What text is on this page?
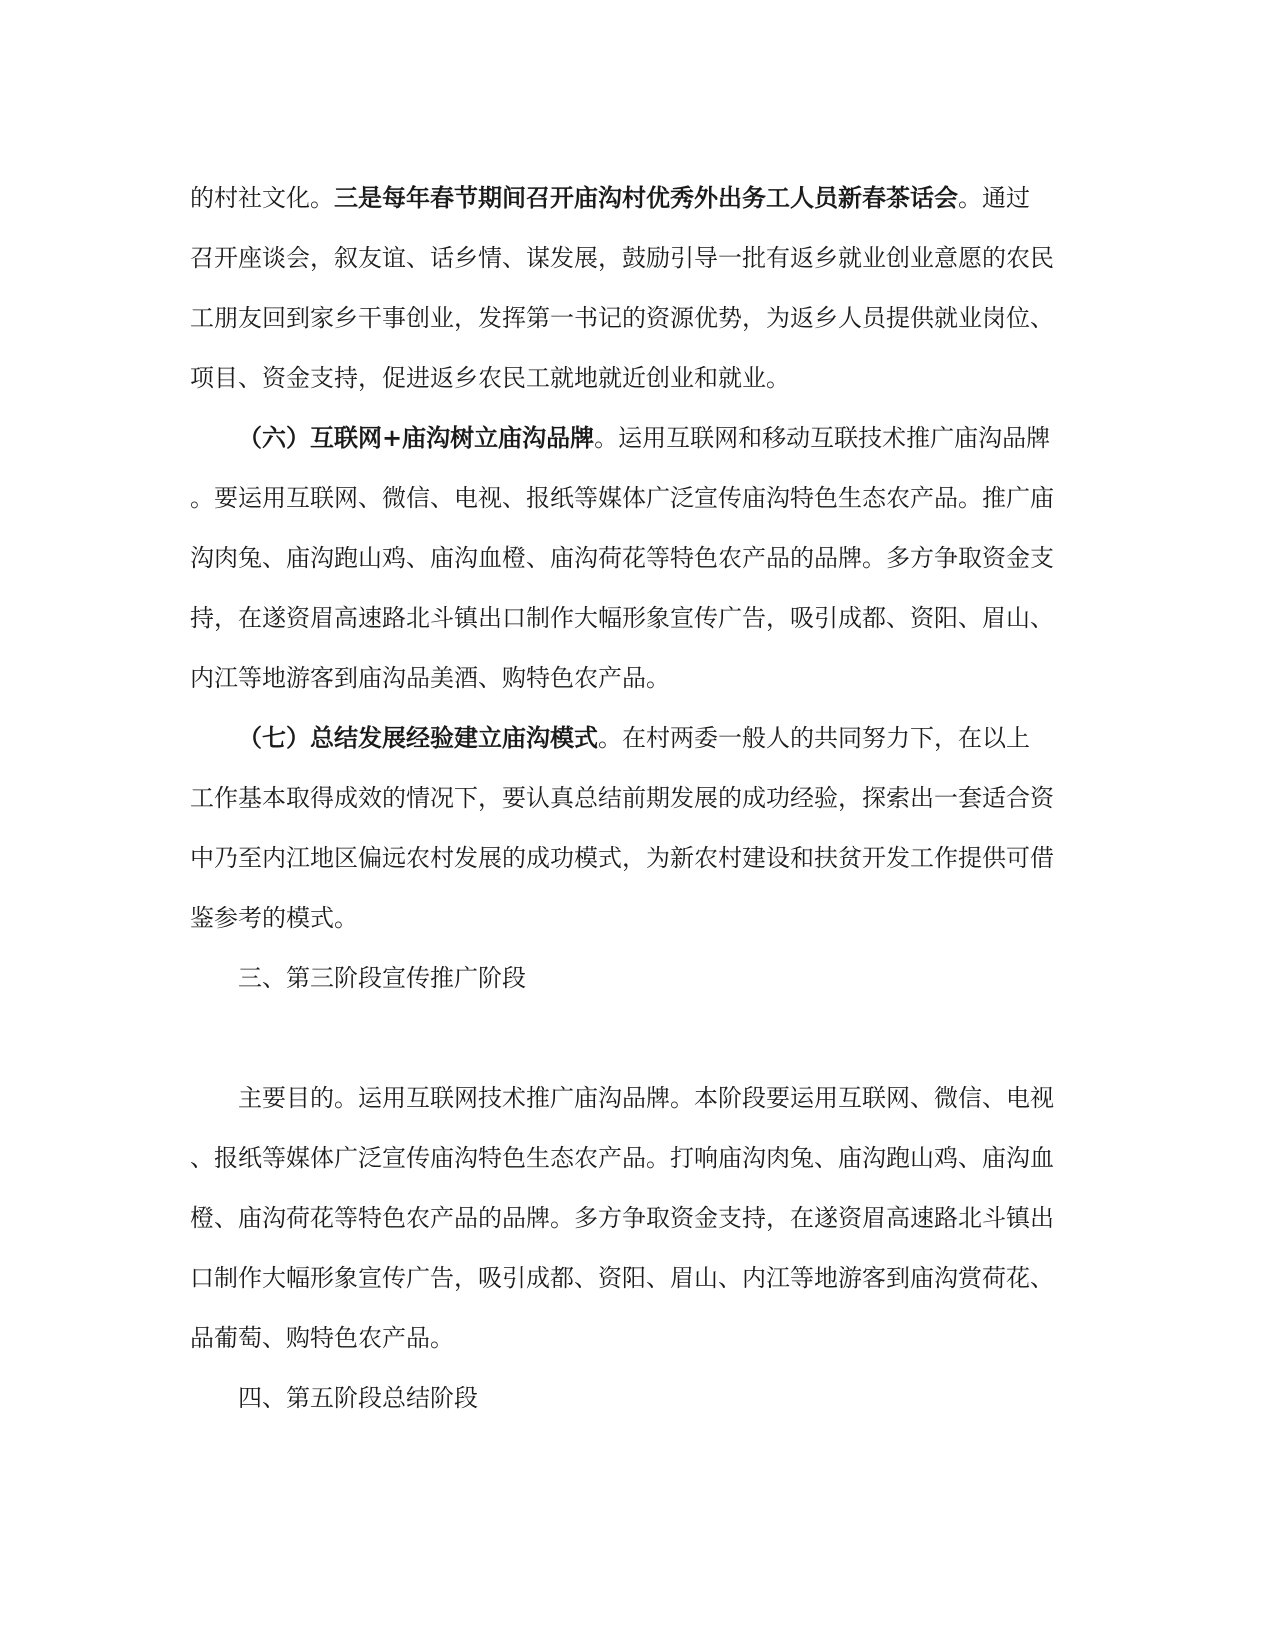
的村社文化。三是每年春节期间召开庙沟村优秀外出务工人员新春茶话会。通过
召开座谈会，叙友谊、话乡情、谋发展，鼓励引导一批有返乡就业创业意愿的农民
工朋友回到家乡干事创业，发挥第一书记的资源优势，为返乡人员提供就业岗位、
项目、资金支持，促进返乡农民工就地就近创业和就业。
（六）互联网+庙沟树立庙沟品牌。运用互联网和移动互联技术推广庙沟品牌
。要运用互联网、微信、电视、报纸等媒体广泛宣传庙沟特色生态农产品。推广庙
沟肉兔、庙沟跑山鸡、庙沟血橙、庙沟荷花等特色农产品的品牌。多方争取资金支
持，在遂资眉高速路北斗镇出口制作大幅形象宣传广告，吸引成都、资阳、眉山、
内江等地游客到庙沟品美酒、购特色农产品。
（七）总结发展经验建立庙沟模式。在村两委一般人的共同努力下，在以上
工作基本取得成效的情况下，要认真总结前期发展的成功经验，探索出一套适合资
中乃至内江地区偏远农村发展的成功模式，为新农村建设和扶贫开发工作提供可借
鉴参考的模式。
三、第三阶段宣传推广阶段
主要目的。运用互联网技术推广庙沟品牌。本阶段要运用互联网、微信、电视
、报纸等媒体广泛宣传庙沟特色生态农产品。打响庙沟肉兔、庙沟跑山鸡、庙沟血
橙、庙沟荷花等特色农产品的品牌。多方争取资金支持，在遂资眉高速路北斗镇出
口制作大幅形象宣传广告，吸引成都、资阳、眉山、内江等地游客到庙沟赏荷花、
品葡萄、购特色农产品。
四、第五阶段总结阶段
